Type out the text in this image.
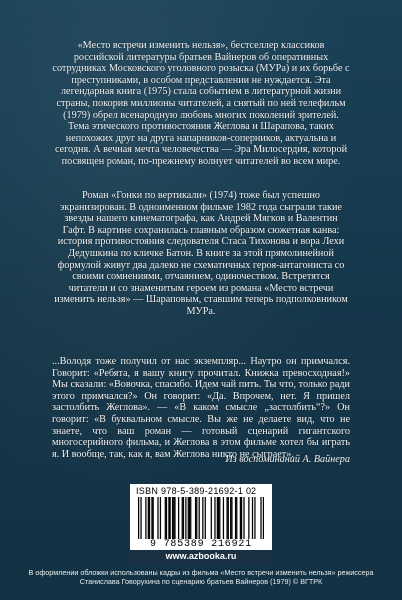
«Место встречи изменить нельзя», бестселлер классиков российской литературы братьев Вайнеров об оперативных сотрудниках Московского уголовного розыска (МУРа) и их борьбе с преступниками, в особом представлении не нуждается. Эта легендарная книга (1975) стала событием в литературной жизни страны, покорив миллионы читателей, а снятый по ней телефильм (1979) обрел всенародную любовь многих поколений зрителей. Тема этического противостояния Жеглова и Шарапова, таких непохожих друг на друга напарников-соперников, актуальна и сегодня. А вечная мечта человечества — Эра Милосердия, которой посвящен роман, по-прежнему волнует читателей во всем мире.
Роман «Гонки по вертикали» (1974) тоже был успешно экранизирован. В одноименном фильме 1982 года сыграли такие звезды нашего кинематографа, как Андрей Мягков и Валентин Гафт. В картине сохранилась главным образом сюжетная канва: история противостояния следователя Стаса Тихонова и вора Лехи Дедушкина по кличке Батон. В книге за этой прямолинейной формулой живут два далеко не схематичных героя-антагониста со своими сомнениями, отчаянием, одиночеством. Встретятся читатели и со знаменитым героем из романа «Место встречи изменить нельзя» — Шараповым, ставшим теперь подполковником МУРа.
...Володя тоже получил от нас экземпляр... Наутро он примчался. Говорит: «Ребята, я вашу книгу прочитал. Книжка превосходная!» Мы сказали: «Вовочка, спасибо. Идем чай пить. Ты что, только ради этого примчался?» Он говорит: «Да. Впрочем, нет. Я пришел застолбить Жеглова». — «В каком смысле „застолбить“?» Он говорит: «В буквальном смысле. Вы же не делаете вид, что не знаете, что ваш роман — готовый сценарий гигантского многосерийного фильма, и Жеглова в этом фильме хотел бы играть я. И вообще, так, как я, вам Жеглова никто не сыграет».
Из воспоминаний А. Вайнера
ISBN 978-5-389-21692-1 02
9 785389 216921
www.azbooka.ru
В оформлении обложки использованы кадры из фильма «Место встречи изменить нельзя» режиссера Станислава Говорухина по сценарию братьев Вайнеров (1979) © ВГТРК
